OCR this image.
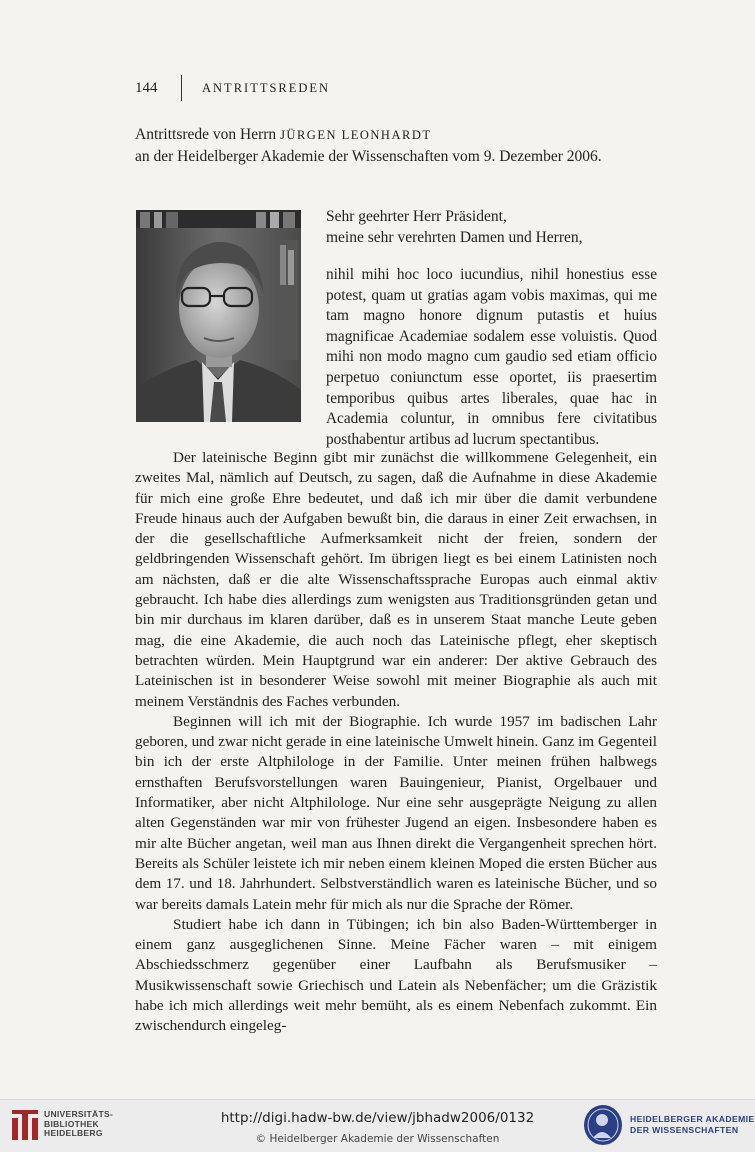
144	ANTRITTSREDEN
Antrittsrede von Herrn JÜRGEN LEONHARDT
an der Heidelberger Akademie der Wissenschaften vom 9. Dezember 2006.

Sehr geehrter Herr Präsident,

meine sehr verehrten Damen und Herren,

nihil mihi hoc loco iucundius, nihil honestius esse potest, quam ut gratias agam vobis maximas, qui me tam magno honore dignum putastis et huius magnificae Academiae sodalem esse voluistis. Quod mihi non modo magno cum gaudio sed etiam officio perpetuo coniunctum esse oportet, iis praesertim temporibus quibus artes liberales, quae hac in Academia coluntur, in omnibus fere civitatibus posthabentur artibus ad lucrum spectantibus.

Der lateinische Beginn gibt mir zunächst die willkommene Gelegenheit, ein zweites Mal, nämlich auf Deutsch, zu sagen, daß die Aufnahme in diese Akademie für mich eine große Ehre bedeutet, und daß ich mir über die damit verbundene Freude hinaus auch der Aufgaben bewußt bin, die daraus in einer Zeit erwachsen, in der die gesellschaftliche Aufmerksamkeit nicht der freien, sondern der geldbringenden Wissenschaft gehört. Im übrigen liegt es bei einem Latinisten noch am nächsten, daß er die alte Wissenschaftssprache Europas auch einmal aktiv gebraucht. Ich habe dies allerdings zum wenigsten aus Traditionsgründen getan und bin mir durchaus im klaren darüber, daß es in unserem Staat manche Leute geben mag, die eine Akademie, die auch noch das Lateinische pflegt, eher skeptisch betrachten würden. Mein Hauptgrund war ein anderer: Der aktive Gebrauch des Lateinischen ist in besonderer Weise sowohl mit meiner Biographie als auch mit meinem Verständnis des Faches verbunden.

Beginnen will ich mit der Biographie. Ich wurde 1957 im badischen Lahr geboren, und zwar nicht gerade in eine lateinische Umwelt hinein. Ganz im Gegenteil bin ich der erste Altphilologe in der Familie. Unter meinen frühen halbwegs ernsthaften Berufsvorstellungen waren Bauingenieur, Pianist, Orgelbauer und Informatiker, aber nicht Altphilologe. Nur eine sehr ausgeprägte Neigung zu allen alten Gegenständen war mir von frühester Jugend an eigen. Insbesondere haben es mir alte Bücher angetan, weil man aus Ihnen direkt die Vergangenheit sprechen hört. Bereits als Schüler leistete ich mir neben einem kleinen Moped die ersten Bücher aus dem 17. und 18. Jahrhundert. Selbstverständlich waren es lateinische Bücher, und so war bereits damals Latein mehr für mich als nur die Sprache der Römer.

Studiert habe ich dann in Tübingen; ich bin also Baden-Württemberger in einem ganz ausgeglichenen Sinne. Meine Fächer waren – mit einigem Abschiedsschmerz gegenüber einer Laufbahn als Berufsmusiker – Musikwissenschaft sowie Griechisch und Latein als Nebenfächer; um die Gräzistik habe ich mich allerdings weit mehr bemüht, als es einem Nebenfach zukommt. Ein zwischendurch eingeleg-

UNIVERSITÄTS-
BIBLIOTHEK
HEIDELBERG
http://digi.hadw-bw.de/view/jbhadw2006/0132
© Heidelberger Akademie der Wissenschaften
HEIDELBERGER AKADEMIE
DER WISSENSCHAFTEN
